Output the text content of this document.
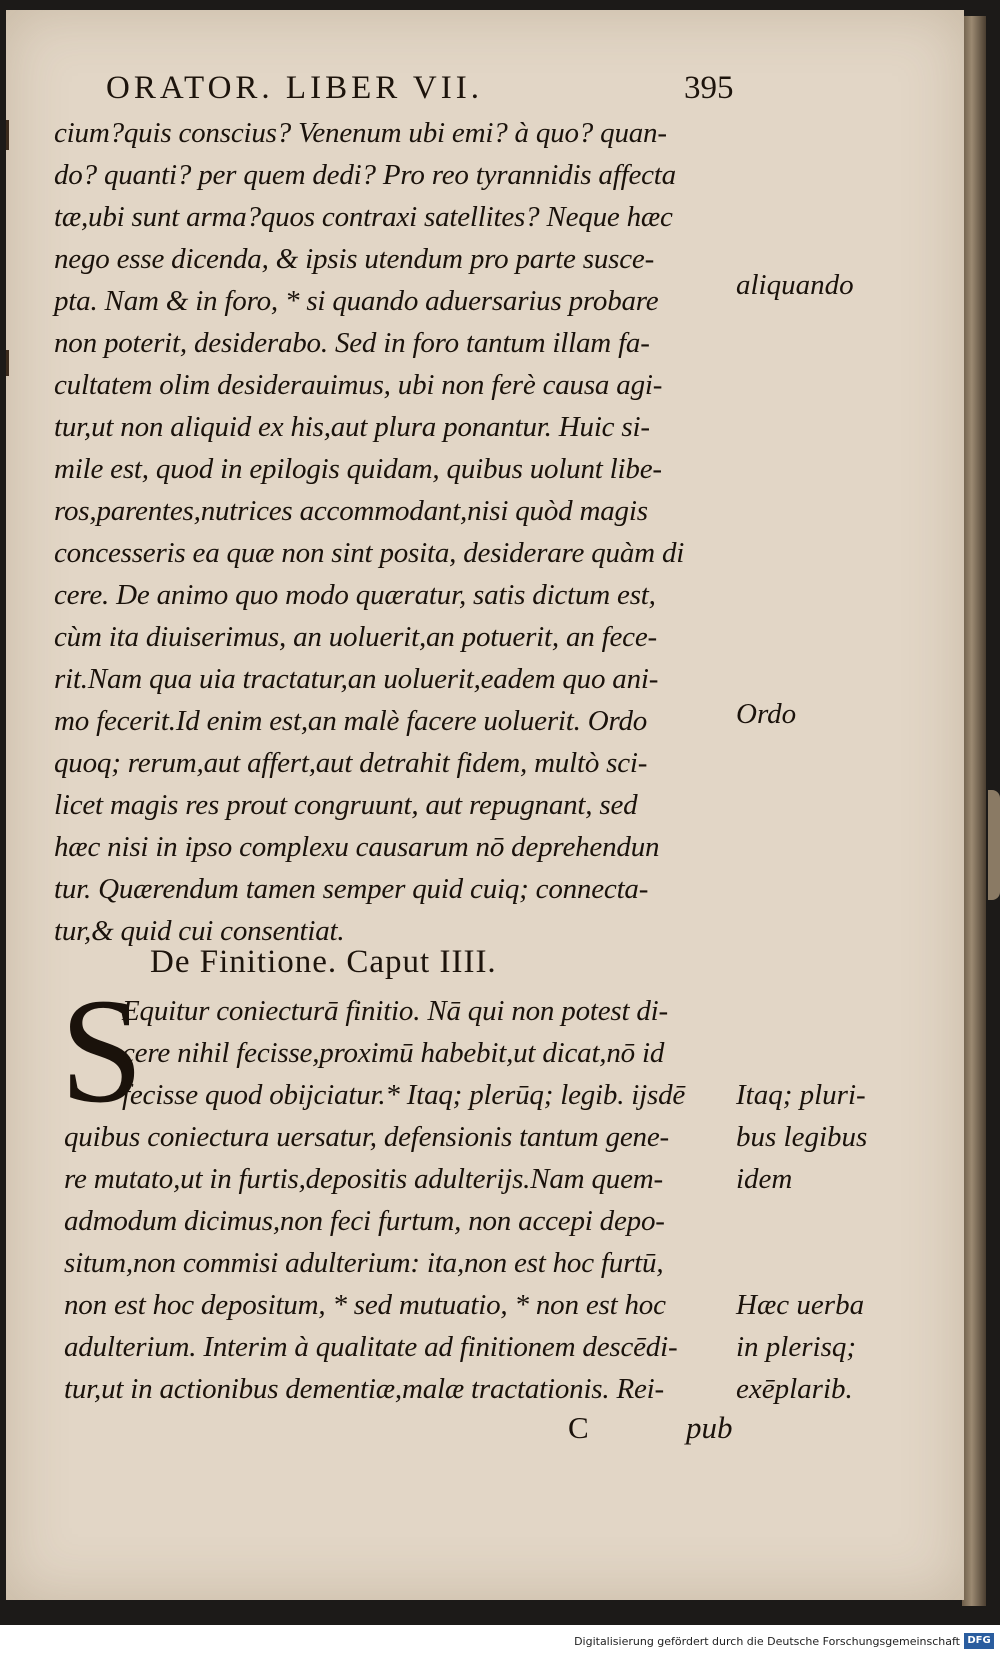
ORATOR. LIBER VII.	395
cium?quis conscius? Venenum ubi emi? à quo? quan-
do? quanti? per quem dedi? Pro reo tyrannidis affecta
tæ,ubi sunt arma?quos contraxi satellites? Neque hæc
nego esse dicenda, & ipsis utendum pro parte susce-
pta. Nam & in foro, * si quando aduersarius probare
non poterit, desiderabo. Sed in foro tantum illam fa-
cultatem olim desiderauimus, ubi non ferè causa agi-
tur,ut non aliquid ex his,aut plura ponantur. Huic si-
mile est, quod in epilogis quidam, quibus uolunt libe-
ros,parentes,nutrices accommodant,nisi quòd magis
concesseris ea quæ non sint posita, desiderare quàm di
cere. De animo quo modo quæratur, satis dictum est,
cùm ita diuiserimus, an uoluerit,an potuerit, an fece-
rit.Nam qua uia tractatur,an uoluerit,eadem quo ani-
mo fecerit.Id enim est,an malè facere uoluerit. Ordo
quoq; rerum,aut affert,aut detrahit fidem, multò sci-
licet magis res prout congruunt, aut repugnant, sed
hæc nisi in ipso complexu causarum nō deprehendun
tur. Quærendum tamen semper quid cuiq; connecta-
tur,& quid cui consentiat.
De Finitione. Caput IIII.
S
Equitur coniecturā finitio. Nā qui non potest di-
cere nihil fecisse,proximū habebit,ut dicat,nō id
fecisse quod obijciatur.* Itaq; plerūq; legib. ijsdē
quibus coniectura uersatur, defensionis tantum gene-
re mutato,ut in furtis,depositis adulterijs.Nam quem-
admodum dicimus,non feci furtum, non accepi depo-
situm,non commisi adulterium: ita,non est hoc furtū,
non est hoc depositum, * sed mutuatio, * non est hoc
adulterium. Interim à qualitate ad finitionem descēdi-
tur,ut in actionibus dementiæ,malæ tractationis. Rei-
aliquando
Ordo
Itaq; pluri-
bus legibus
idem
Hæc uerba
in plerisq;
exēplarib.
C	pub
Digitalisierung gefördert durch die Deutsche Forschungsgemeinschaft DFG
